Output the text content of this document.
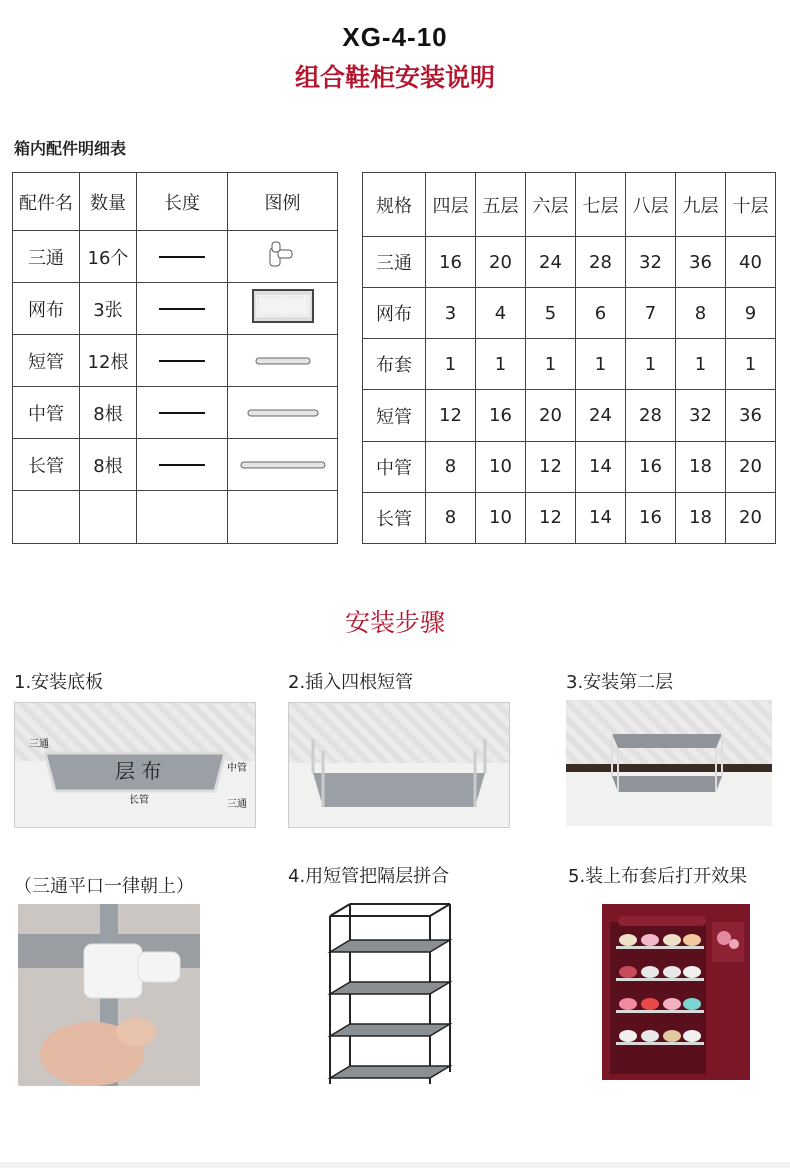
XG-4-10
组合鞋柜安装说明
箱内配件明细表
配件名	数量	长度	图例
三通	16个		
网布	3张		
短管	12根		
中管	8根		
长管	8根		

规格	四层	五层	六层	七层	八层	九层	十层
三通	16	20	24	28	32	36	40
网布	3	4	5	6	7	8	9
布套	1	1	1	1	1	1	1
短管	12	16	20	24	28	32	36
中管	8	10	12	14	16	18	20
长管	8	10	12	14	16	18	20
安装步骤
1.安装底板
层 布
三通
中管
长管	三通
2.插入四根短管	3.安装第二层
（三通平口一律朝上）	4.用短管把隔层拼合	5.装上布套后打开效果
